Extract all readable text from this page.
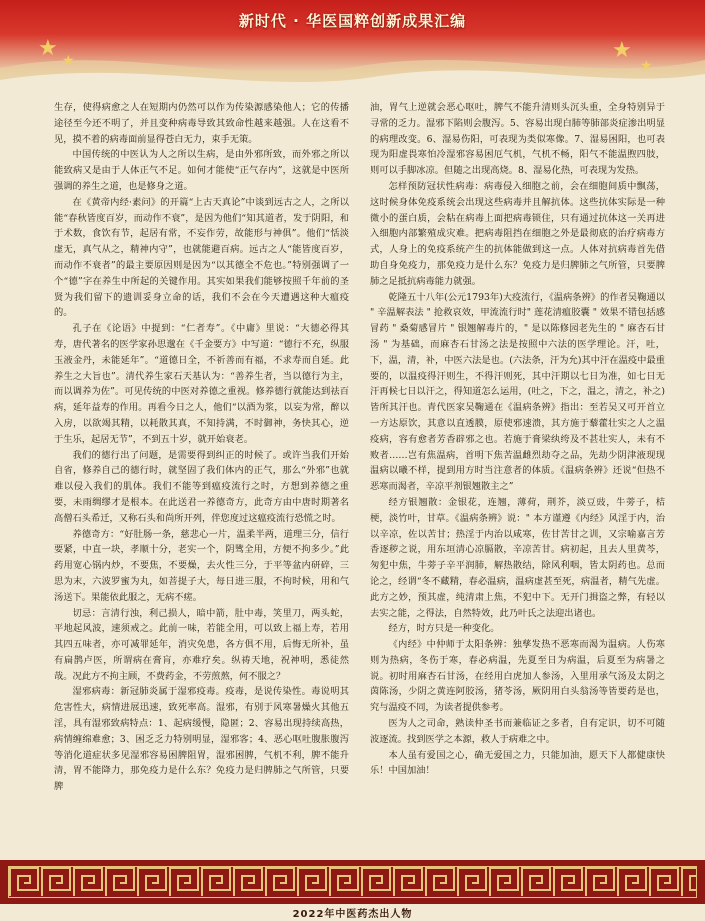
★ ★	★
★
新时代 · 华医国粹创新成果汇编

生存，使得病愈之人在短期内仍然可以作为传染源感染他人；它的传播途径至今还不明了，并且变种病毒导致其致命性越来越强。人在这看不见，摸不着的病毒面前显得苍白无力，束手无策。

中国传统的中医认为人之所以生病，是由外邪所致，而外邪之所以能致病又是由于人体正气不足。如何才能使“正气存内”，这就是中医所强调的养生之道，也是修身之道。

在《黄帝内经·素问》的开篇“上古天真论”中谈到远古之人，之所以能“春秋皆度百岁，而动作不衰”，是因为他们“知其道者，发于阴阳，和于术数，食饮有节，起居有常，不妄作劳，故能形与神俱”。他们“恬淡虚无，真气从之，精神内守”，也就能避百病。远古之人“能皆度百岁，而动作不衰者”的最主要原因则是因为“以其德全不危也。”特别强调了一个“德”字在养生中所起的关键作用。其实如果我们能够按照千年前的圣贤为我们留下的遗训妥身立命的话，我们不会在今天遭遇这种大瘟疫的。

孔子在《论语》中提到：“仁者寿”。《中庸》里说：“大德必得其寿，唐代著名的医学家孙思邈在《千金要方》中写道：“德行不充，纵服玉液金丹，未能延年”。“道德日全，不祈善而有福，不求寿而自延。此养生之大旨也”。清代养生家石天基认为：“善养生者，当以德行为主，而以调养为佐”。可见传统的中医对养德之重视。修养德行就能达到祛百病，延年益寿的作用。再看今日之人，他们“以酒为浆，以妄为常，醉以入房，以欲竭其精，以耗散其真，不知持满，不时御神，务快其心，逆于生乐，起居无节”，不到五十岁，就开始衰老。

我们的德行出了问题，是需要得到纠正的时候了。或许当我们开始自省，修养自己的德行时，就坚固了我们体内的正气，那么“外邪”也就难以侵入我们的肌体。我们不能等到瘟疫流行之时，方想到养德之重要，未雨绸缪才是根本。在此送君一养德奇方，此奇方由中唐时期著名高僧石头希迁，又称石头和尚所开列，伴您度过这瘟疫流行恐慌之时。

养德奇方：“好肚肠一条，慈悲心一片，温柔半两，道理三分，信行要紧，中直一块，孝顺十分，老实一个，阴骘全用，方便不拘多少。”此药用宽心锅内炒，不要焦，不要燥，去火性三分，于平等盆内研碎，三思为末，六波罗蜜为丸，如菩提子大，每日进三服，不拘时候，用和气汤送下。果能依此服之，无病不瘥。

切忌：言清行浊，利己损人，暗中箭，肚中毒，笑里刀，两头蛇，平地起风波，速须戒之。此前一味，若能全用，可以致上福上寿，若用其四五味者，亦可减罪延年，消灾免患，各方俱不用，后悔无所补，虽有扁鹊卢医，所谓病在膏肓，亦难疗矣。纵祷天地，祝神明，悉徒然哉。况此方不拘主顾，不费药金，不劳煎熬，何不服之？

湿邪病毒：新冠肺炎属于湿邪疫毒。疫毒，是说传染性。毒说明其危害性大，病情进展迅速，致死率高。湿邪，有别于风寒暑燥火其他五淫，具有湿邪致病特点：1、起病缓慢，隐匿；2、容易出现持续高热，病情缠绵难愈；3、困乏乏力特别明显，湿邪客；4、恶心呕吐腹胀腹泻等消化道症状多见湿邪容易困脾阻胃，湿邪困脾，气机不利，脾不能升清，胃不能降力，那免疫力是什么东？免疫力是归脾肺之气所管，只要脾

油，胃气上逆就会恶心呕吐，脾气不能升清则头沉头重，全身特别异于寻常的乏力。湿邪下陷则会腹泻。5、容易出现白肺等肺部炎症渗出明显的病理改变。6、湿易伤阳，可表现为类似寒像。7、湿易困阳，也可表现为阳虚畏寒怕冷湿邪容易困厄气机，气机不畅，阳气不能温煦四肢，则可以手脚冰凉。但随之出现高烧。8、湿易化热，可表现为发热。

怎样预防冠状性病毒：病毒侵入细胞之前，会在细胞间质中飘荡，这时候身体免疫系统会出现这些病毒并且解抗体。这些抗体实际是一种微小的蛋白质，会粘在病毒上面把病毒锁住，只有通过抗体这一关再进入细胞内部繁殖成灾难。把病毒阻挡在细胞之外是最彻底的治疗病毒方式，人身上的免疫系统产生的抗体能做到这一点。人体对抗病毒首先借助自身免疫力，那免疫力是什么东？免疫力是归脾肺之气所管，只要脾肺之足抵抗病毒能力就强。

乾隆五十八年(公元1793年)大疫流行，《温病条辨》的作者吴鞠通以 " 辛温解表法 " 抢救哀效，甲流流行时" 莲花清瘟胶囊 " 效果不错包括感冒药 " 桑菊感冒片 " 银翘解毒片的，" 是以陈修园老先生的 " 麻杏石甘汤 " 为基础，而麻杏石甘汤之法是按照中六法的医学理论。汗，吐，下，温，清，补，中医六法是也。(六法条，汗为允)其中汗在温疫中最重要的，以温疫得汗则生，不得汗则死，其中汗期以七日为准，如七日无汗再候七日以汗之，得知道怎么运用，(吐之，下之，温之，清之，补之)皆所其汗也。青代医家吴鞠通在《温病条辨》指出：至若吴又可开首立一方达原饮，其意以直透膜，原使邪速溃，其方施于藜藿壮实之人之温疫病，容有愈者芳香辟邪之也。若施于膏梁纨绔及不甚壮实人，未有不败者……岂有焦温病，首明下焦苦温雌烈劫夺之品，先劫少阴津液现现温病以曦不样，提到用方时当注意者的体质。《温病条辨》还说“但热不恶寒而渴者，辛凉平剂银翘散主之”

经方银翘散：金银花，连翘，薄荷，荆芥，淡豆豉，牛蒡子，桔梗，淡竹叶，甘草。《温病条辨》说：" 本方谨遵《内经》风淫于内，治以辛凉，佐以苦甘；热淫于内治以咸寒，佐甘苦甘之训，又宗喻嘉言芳香逐秽之说，用东垣清心凉膈散，辛凉苦甘。病初起，且去人里黄芩，匆犯中焦，牛蒡子辛平润肺，解热散结，除风利咽，皆太阴药也。总而论之，经谓“冬不藏精，春必温病，温病虚甚至死，病温者，精气先虚。此方之妙，预其虚，纯清肃上焦，不犯中下。无开门揖盗之弊，有轻以去实之能，之得法，自然特效，此乃叶氏之法迎出诸也。

经方，时方只是一种变化。

《内经》中仲师于太阳条辨：独孳发热不恶寒而渴为温病。人伤寒则为热病，冬伤于寒，春必病温，先夏至日为病温，后夏至为病暑之说。初时用麻杏石甘汤，在经用白虎加人参汤，入里用承气汤及太阴之茵陈汤，少阴之黄连阿胶汤，猪苓汤，厥阴用白头翁汤等皆要药是也，究与温疫不同，为读者提供参考。

医为人之司命，熟读仲圣书而兼临证之多者，自有定识，切不可随波逐流。找到医学之本源，救人于病难之中。

本人虽有爱国之心，确无爱国之力，只能加油，愿天下人都健康快乐！中国加油！

2022年中医药杰出人物
